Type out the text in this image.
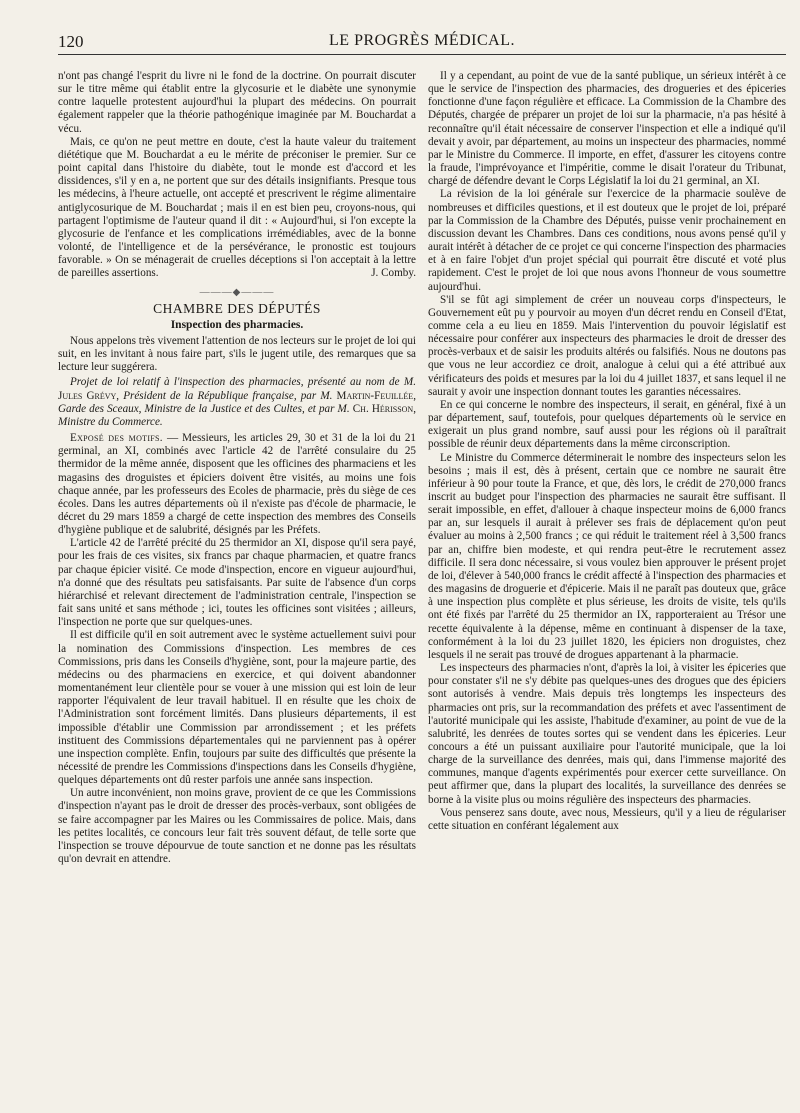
120	LE PROGRÈS MÉDICAL.

n'ont pas changé l'esprit du livre ni le fond de la doctrine. On pourrait discuter sur le titre même qui établit entre la glycosurie et le diabète une synonymie contre laquelle protestent aujourd'hui la plupart des médecins. On pourrait également rappeler que la théorie pathogénique imaginée par M. Bouchardat a vécu.

Mais, ce qu'on ne peut mettre en doute, c'est la haute valeur du traitement diététique que M. Bouchardat a eu le mérite de préconiser le premier. Sur ce point capital dans l'histoire du diabète, tout le monde est d'accord et les dissidences, s'il y en a, ne portent que sur des détails insignifiants. Presque tous les médecins, à l'heure actuelle, ont accepté et prescrivent le régime alimentaire antiglycosurique de M. Bouchardat ; mais il en est bien peu, croyons-nous, qui partagent l'optimisme de l'auteur quand il dit : « Aujourd'hui, si l'on excepte la glycosurie de l'enfance et les complications irrémédiables, avec de la bonne volonté, de l'intelligence et de la persévérance, le pronostic est toujours favorable. » On se ménagerait de cruelles déceptions si l'on acceptait à la lettre de pareilles assertions.	J. Comby.

———◆———
CHAMBRE DES DÉPUTÉS
Inspection des pharmacies.

Nous appelons très vivement l'attention de nos lecteurs sur le projet de loi qui suit, en les invitant à nous faire part, s'ils le jugent utile, des remarques que sa lecture leur suggérera.

Projet de loi relatif à l'inspection des pharmacies, présenté au nom de M. Jules Grévy, Président de la République française, par M. Martin-Feuillée, Garde des Sceaux, Ministre de la Justice et des Cultes, et par M. Ch. Hérisson, Ministre du Commerce.

Exposé des motifs. — Messieurs, les articles 29, 30 et 31 de la loi du 21 germinal, an XI, combinés avec l'article 42 de l'arrêté consulaire du 25 thermidor de la même année, disposent que les officines des pharmaciens et les magasins des droguistes et épiciers doivent être visités, au moins une fois chaque année, par les professeurs des Ecoles de pharmacie, près du siège de ces écoles. Dans les autres départements où il n'existe pas d'école de pharmacie, le décret du 29 mars 1859 a chargé de cette inspection des membres des Conseils d'hygiène publique et de salubrité, désignés par les Préfets.

L'article 42 de l'arrêté précité du 25 thermidor an XI, dispose qu'il sera payé, pour les frais de ces visites, six francs par chaque pharmacien, et quatre francs par chaque épicier visité. Ce mode d'inspection, encore en vigueur aujourd'hui, n'a donné que des résultats peu satisfaisants. Par suite de l'absence d'un corps hiérarchisé et relevant directement de l'administration centrale, l'inspection se fait sans unité et sans méthode ; ici, toutes les officines sont visitées ; ailleurs, l'inspection ne porte que sur quelques-unes.

Il est difficile qu'il en soit autrement avec le système actuellement suivi pour la nomination des Commissions d'inspection. Les membres de ces Commissions, pris dans les Conseils d'hygiène, sont, pour la majeure partie, des médecins ou des pharmaciens en exercice, et qui doivent abandonner momentanément leur clientèle pour se vouer à une mission qui est loin de leur rapporter l'équivalent de leur travail habituel. Il en résulte que les choix de l'Administration sont forcément limités. Dans plusieurs départements, il est impossible d'établir une Commission par arrondissement ; et les préfets instituent des Commissions départementales qui ne parviennent pas à opérer une inspection complète. Enfin, toujours par suite des difficultés que présente la nécessité de prendre les Commissions d'inspections dans les Conseils d'hygiène, quelques départements ont dû rester parfois une année sans inspection.

Un autre inconvénient, non moins grave, provient de ce que les Commissions d'inspection n'ayant pas le droit de dresser des procès-verbaux, sont obligées de se faire accompagner par les Maires ou les Commissaires de police. Mais, dans les petites localités, ce concours leur fait très souvent défaut, de telle sorte que l'inspection se trouve dépourvue de toute sanction et ne donne pas les résultats qu'on devrait en attendre.

Il y a cependant, au point de vue de la santé publique, un sérieux intérêt à ce que le service de l'inspection des pharmacies, des drogueries et des épiceries fonctionne d'une façon régulière et efficace. La Commission de la Chambre des Députés, chargée de préparer un projet de loi sur la pharmacie, n'a pas hésité à reconnaître qu'il était nécessaire de conserver l'inspection et elle a indiqué qu'il devait y avoir, par département, au moins un inspecteur des pharmacies, nommé par le Ministre du Commerce. Il importe, en effet, d'assurer les citoyens contre la fraude, l'imprévoyance et l'impéritie, comme le disait l'orateur du Tribunat, chargé de défendre devant le Corps Législatif la loi du 21 germinal, an XI.

La révision de la loi générale sur l'exercice de la pharmacie soulève de nombreuses et difficiles questions, et il est douteux que le projet de loi, préparé par la Commission de la Chambre des Députés, puisse venir prochainement en discussion devant les Chambres. Dans ces conditions, nous avons pensé qu'il y aurait intérêt à détacher de ce projet ce qui concerne l'inspection des pharmacies et à en faire l'objet d'un projet spécial qui pourrait être discuté et voté plus rapidement. C'est le projet de loi que nous avons l'honneur de vous soumettre aujourd'hui.

S'il se fût agi simplement de créer un nouveau corps d'inspecteurs, le Gouvernement eût pu y pourvoir au moyen d'un décret rendu en Conseil d'Etat, comme cela a eu lieu en 1859. Mais l'intervention du pouvoir législatif est nécessaire pour conférer aux inspecteurs des pharmacies le droit de dresser des procès-verbaux et de saisir les produits altérés ou falsifiés. Nous ne doutons pas que vous ne leur accordiez ce droit, analogue à celui qui a été attribué aux vérificateurs des poids et mesures par la loi du 4 juillet 1837, et sans lequel il ne saurait y avoir une inspection donnant toutes les garanties nécessaires.

En ce qui concerne le nombre des inspecteurs, il serait, en général, fixé à un par département, sauf, toutefois, pour quelques départements où le service en exigerait un plus grand nombre, sauf aussi pour les régions où il paraîtrait possible de réunir deux départements dans la même circonscription.

Le Ministre du Commerce déterminerait le nombre des inspecteurs selon les besoins ; mais il est, dès à présent, certain que ce nombre ne saurait être inférieur à 90 pour toute la France, et que, dès lors, le crédit de 270,000 francs inscrit au budget pour l'inspection des pharmacies ne saurait être suffisant. Il serait impossible, en effet, d'allouer à chaque inspecteur moins de 6,000 francs par an, sur lesquels il aurait à prélever ses frais de déplacement qu'on peut évaluer au moins à 2,500 francs ; ce qui réduit le traitement réel à 3,500 francs par an, chiffre bien modeste, et qui rendra peut-être le recrutement assez difficile. Il sera donc nécessaire, si vous voulez bien approuver le présent projet de loi, d'élever à 540,000 francs le crédit affecté à l'inspection des pharmacies et des magasins de droguerie et d'épicerie. Mais il ne paraît pas douteux que, grâce à une inspection plus complète et plus sérieuse, les droits de visite, tels qu'ils ont été fixés par l'arrêté du 25 thermidor an IX, rapporteraient au Trésor une recette équivalente à la dépense, même en continuant à dispenser de la taxe, conformément à la loi du 23 juillet 1820, les épiciers non droguistes, chez lesquels il ne serait pas trouvé de drogues appartenant à la pharmacie.

Les inspecteurs des pharmacies n'ont, d'après la loi, à visiter les épiceries que pour constater s'il ne s'y débite pas quelques-unes des drogues que des épiciers sont autorisés à vendre. Mais depuis très longtemps les inspecteurs des pharmacies ont pris, sur la recommandation des préfets et avec l'assentiment de l'autorité municipale qui les assiste, l'habitude d'examiner, au point de vue de la salubrité, les denrées de toutes sortes qui se vendent dans les épiceries. Leur concours a été un puissant auxiliaire pour l'autorité municipale, que la loi charge de la surveillance des denrées, mais qui, dans l'immense majorité des communes, manque d'agents expérimentés pour exercer cette surveillance. On peut affirmer que, dans la plupart des localités, la surveillance des denrées se borne à la visite plus ou moins régulière des inspecteurs des pharmacies.

Vous penserez sans doute, avec nous, Messieurs, qu'il y a lieu de régulariser cette situation en conférant légalement aux
